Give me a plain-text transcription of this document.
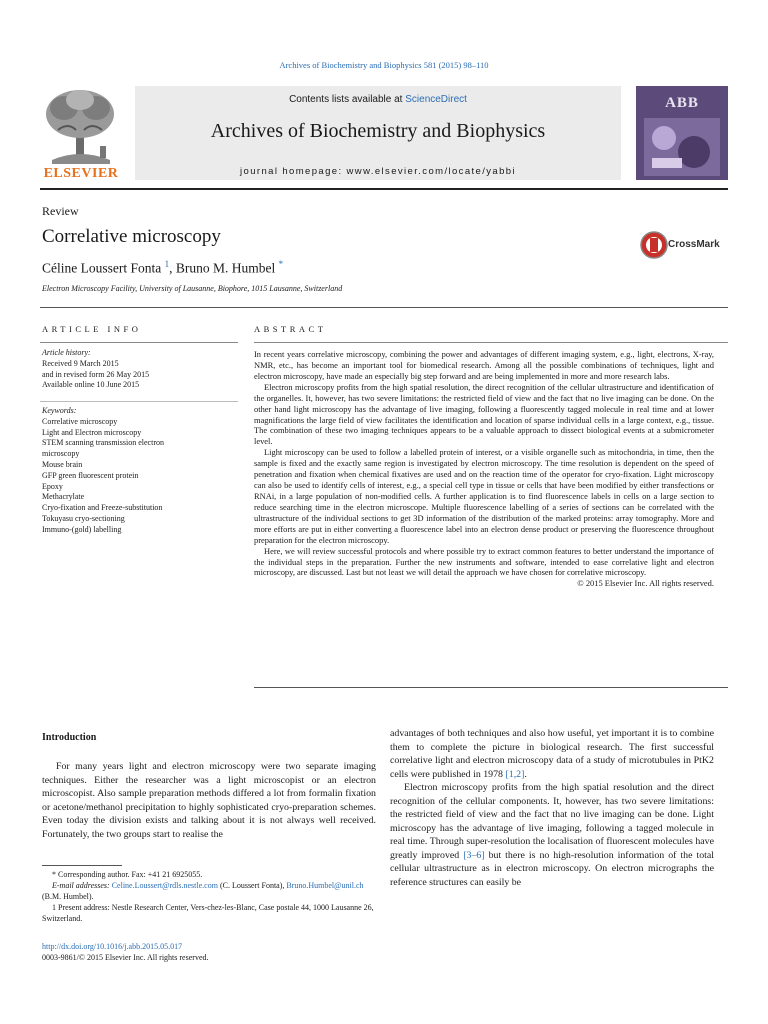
Archives of Biochemistry and Biophysics 581 (2015) 98–110
ELSEVIER
Contents lists available at ScienceDirect
Archives of Biochemistry and Biophysics
journal homepage: www.elsevier.com/locate/yabbi
ABB
Review
Correlative microscopy	CrossMark
Céline Loussert Fonta $^1$, Bruno M. Humbel *
Electron Microscopy Facility, University of Lausanne, Biophore, 1015 Lausanne, Switzerland
ARTICLE INFO	ABSTRACT
Article history:
Received 9 March 2015
and in revised form 26 May 2015
Available online 10 June 2015
Keywords:
Correlative microscopy
Light and Electron microscopy
STEM scanning transmission electron
microscopy
Mouse brain
GFP green fluorescent protein
Epoxy
Methacrylate
Cryo-fixation and Freeze-substitution
Tokuyasu cryo-sectioning
Immuno-(gold) labelling

In recent years correlative microscopy, combining the power and advantages of different imaging system, e.g., light, electrons, X-ray, NMR, etc., has become an important tool for biomedical research. Among all the possible combinations of techniques, light and electron microscopy, have made an especially big step forward and are being implemented in more and more research labs.

Electron microscopy profits from the high spatial resolution, the direct recognition of the cellular ultrastructure and identification of the organelles. It, however, has two severe limitations: the restricted field of view and the fact that no live imaging can be done. On the other hand light microscopy has the advantage of live imaging, following a fluorescently tagged molecule in real time and at lower magnifications the large field of view facilitates the identification and location of sparse individual cells in a large context, e.g., tissue. The combination of these two imaging techniques appears to be a valuable approach to dissect biological events at a submicrometer level.

Light microscopy can be used to follow a labelled protein of interest, or a visible organelle such as mitochondria, in time, then the sample is fixed and the exactly same region is investigated by electron microscopy. The time resolution is dependent on the speed of penetration and fixation when chemical fixatives are used and on the reaction time of the operator for cryo-fixation. Light microscopy can also be used to identify cells of interest, e.g., a special cell type in tissue or cells that have been modified by either transfections or RNAi, in a large population of non-modified cells. A further application is to find fluorescence labels in cells on a large section to reduce searching time in the electron microscope. Multiple fluorescence labelling of a series of sections can be correlated with the ultrastructure of the individual sections to get 3D information of the distribution of the marked proteins: array tomography. More and more efforts are put in either converting a fluorescence label into an electron dense product or preserving the fluorescence throughout preparation for the electron microscopy.

Here, we will review successful protocols and where possible try to extract common features to better understand the importance of the individual steps in the preparation. Further the new instruments and software, intended to ease correlative light and electron microscopy, are discussed. Last but not least we will detail the approach we have chosen for correlative microscopy.

© 2015 Elsevier Inc. All rights reserved.

Introduction

For many years light and electron microscopy were two separate imaging techniques. Either the researcher was a light microscopist or an electron microscopist. Also sample preparation methods differed a lot from formalin fixation or acetone/methanol precipitation to highly sophisticated cryo-preparation schemes. Even today the division exists and talking about it is not always well received. Fortunately, the two groups start to realise the

* Corresponding author. Fax: +41 21 6925055.

E-mail addresses: Celine.Loussert@rdls.nestle.com (C. Loussert Fonta), Bruno.Humbel@unil.ch (B.M. Humbel).

1 Present address: Nestle Research Center, Vers-chez-les-Blanc, Case postale 44, 1000 Lausanne 26, Switzerland.

http://dx.doi.org/10.1016/j.abb.2015.05.017
0003-9861/© 2015 Elsevier Inc. All rights reserved.

advantages of both techniques and also how useful, yet important it is to combine them to complete the picture in biological research. The first successful correlative light and electron microscopy data of a study of microtubules in PtK2 cells were published in 1978 [1,2].

Electron microscopy profits from the high spatial resolution and the direct recognition of the cellular components. It, however, has two severe limitations: the restricted field of view and the fact that no live imaging can be done. Light microscopy has the advantage of live imaging, following a tagged molecule in real time. Through super-resolution the localisation of fluorescent molecules have greatly improved [3–6] but there is no high-resolution information of the total cellular ultrastructure as in electron microscopy. On electron micrographs the reference structures can easily be
